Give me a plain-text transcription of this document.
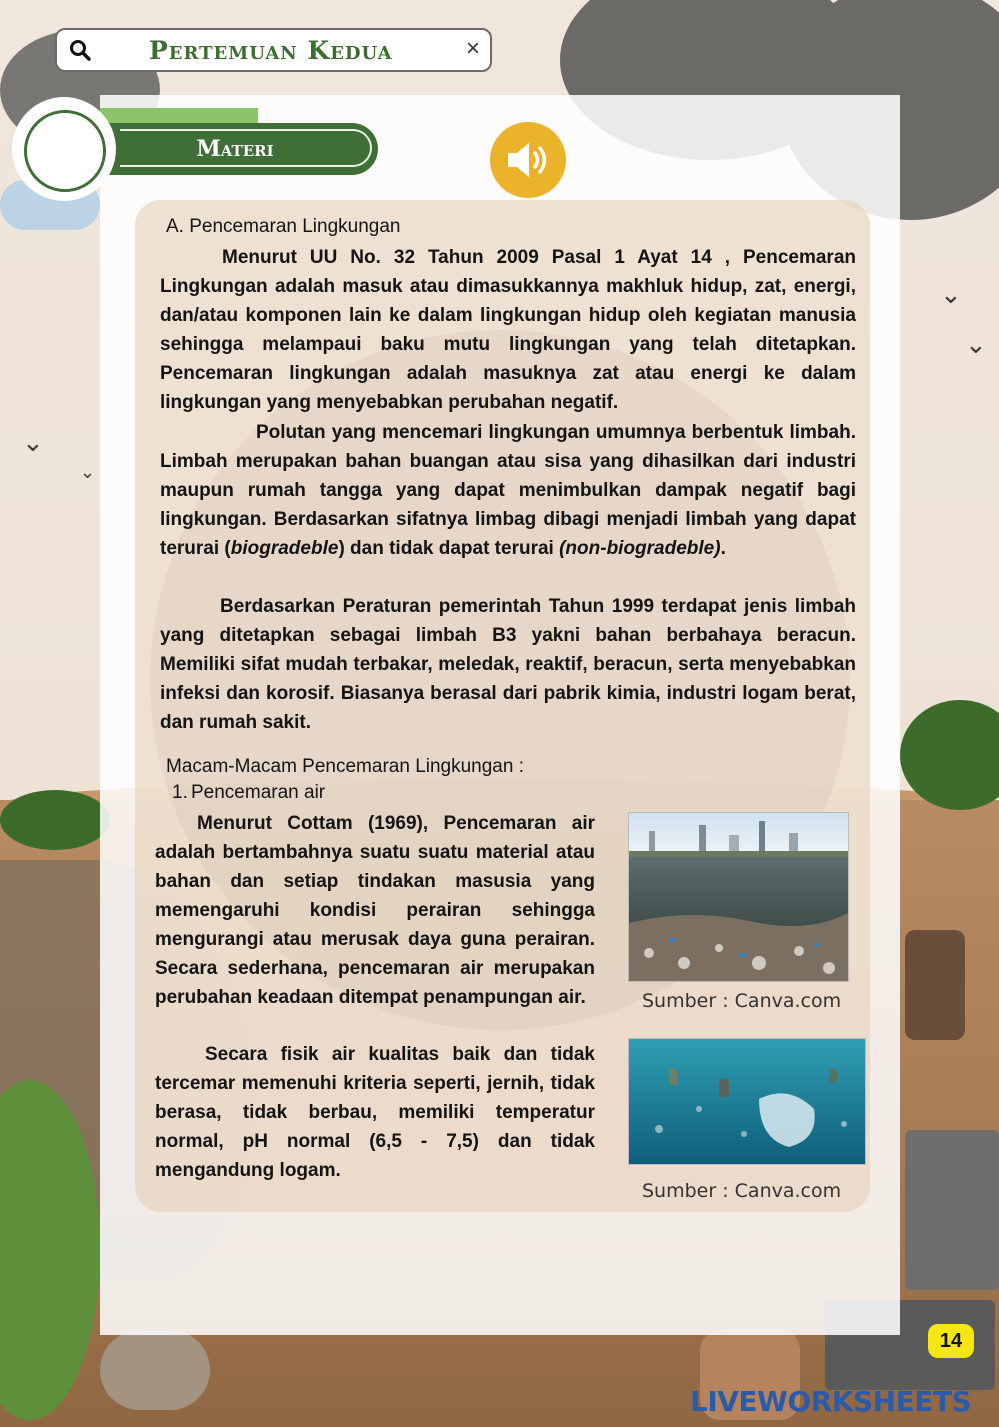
⌄
⌄
⌄
⌄
Pertemuan Kedua	×
Materi
A. Pencemaran Lingkungan
Menurut UU No. 32 Tahun 2009 Pasal 1 Ayat 14 , Pencemaran Lingkungan adalah masuk atau dimasukkannya makhluk hidup, zat, energi, dan/atau komponen lain ke dalam lingkungan hidup oleh kegiatan manusia sehingga melampaui baku mutu lingkungan yang telah ditetapkan. Pencemaran lingkungan adalah masuknya zat atau energi ke dalam lingkungan yang menyebabkan perubahan negatif.
Polutan yang mencemari lingkungan umumnya berbentuk limbah. Limbah merupakan bahan buangan atau sisa yang dihasilkan dari industri maupun rumah tangga yang dapat menimbulkan dampak negatif bagi lingkungan. Berdasarkan sifatnya limbag dibagi menjadi limbah yang dapat terurai (biogradeble) dan tidak dapat terurai (non-biogradeble).
Berdasarkan Peraturan pemerintah Tahun 1999 terdapat jenis limbah yang ditetapkan sebagai limbah B3 yakni bahan berbahaya beracun. Memiliki sifat mudah terbakar, meledak, reaktif, beracun, serta menyebabkan infeksi dan korosif. Biasanya berasal dari pabrik kimia, industri logam berat, dan rumah sakit.
Macam-Macam Pencemaran Lingkungan :
1. Pencemaran air
Menurut Cottam (1969), Pencemaran air adalah bertambahnya suatu suatu material atau bahan dan setiap tindakan masusia yang memengaruhi kondisi perairan sehingga mengurangi atau merusak daya guna perairan. Secara sederhana, pencemaran air merupakan perubahan keadaan ditempat penampungan air.
Secara fisik air kualitas baik dan tidak tercemar memenuhi kriteria seperti, jernih, tidak berasa, tidak berbau, memiliki temperatur normal, pH normal (6,5 - 7,5) dan tidak mengandung logam.
Sumber : Canva.com
Sumber : Canva.com
14
LIVEWORKSHEETS
